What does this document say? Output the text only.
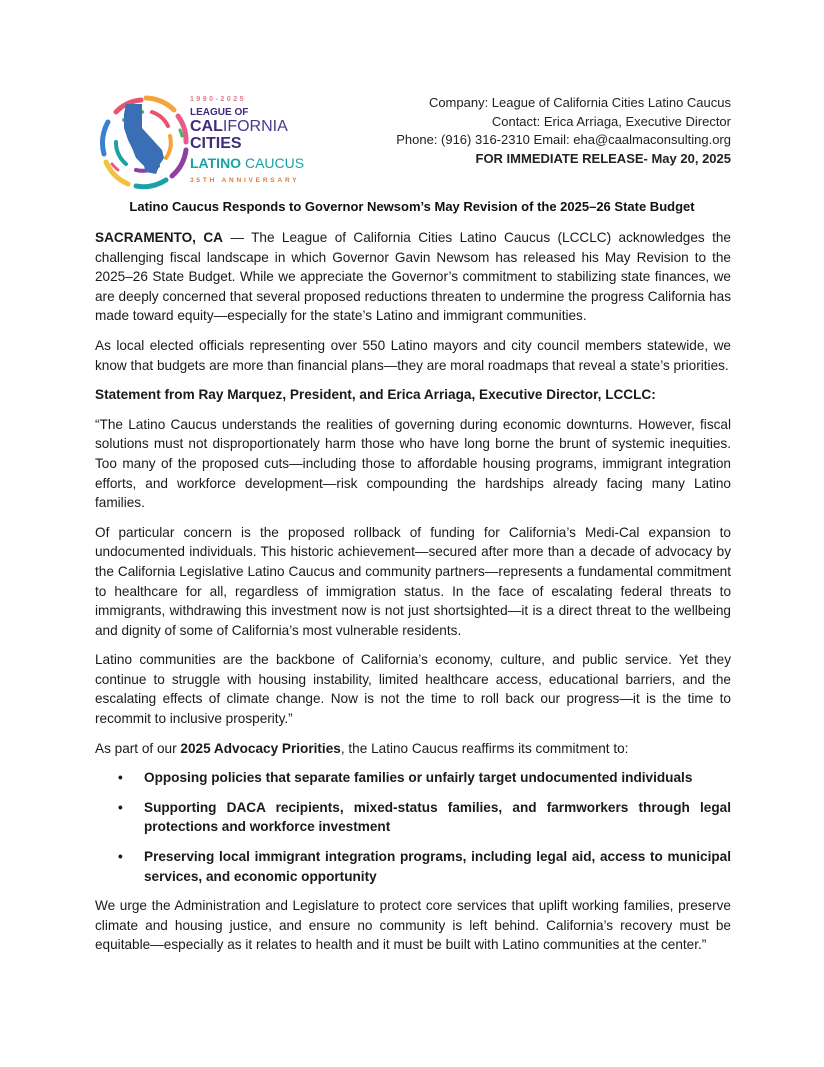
1990-2025
LEAGUE OF
CALIFORNIA
CITIES
LATINO CAUCUS
35TH ANNIVERSARY
Company: League of California Cities Latino Caucus
Contact: Erica Arriaga, Executive Director
Phone: (916) 316-2310 Email: eha@caalmaconsulting.org
FOR IMMEDIATE RELEASE- May 20, 2025
Latino Caucus Responds to Governor Newsom’s May Revision of the 2025–26 State Budget

SACRAMENTO, CA — The League of California Cities Latino Caucus (LCCLC) acknowledges the challenging fiscal landscape in which Governor Gavin Newsom has released his May Revision to the 2025–26 State Budget. While we appreciate the Governor’s commitment to stabilizing state finances, we are deeply concerned that several proposed reductions threaten to undermine the progress California has made toward equity—especially for the state’s Latino and immigrant communities.

As local elected officials representing over 550 Latino mayors and city council members statewide, we know that budgets are more than financial plans—they are moral roadmaps that reveal a state’s priorities.

Statement from Ray Marquez, President, and Erica Arriaga, Executive Director, LCCLC:

“The Latino Caucus understands the realities of governing during economic downturns. However, fiscal solutions must not disproportionately harm those who have long borne the brunt of systemic inequities. Too many of the proposed cuts—including those to affordable housing programs, immigrant integration efforts, and workforce development—risk compounding the hardships already facing many Latino families.

Of particular concern is the proposed rollback of funding for California’s Medi-Cal expansion to undocumented individuals. This historic achievement—secured after more than a decade of advocacy by the California Legislative Latino Caucus and community partners—represents a fundamental commitment to healthcare for all, regardless of immigration status. In the face of escalating federal threats to immigrants, withdrawing this investment now is not just shortsighted—it is a direct threat to the wellbeing and dignity of some of California’s most vulnerable residents.

Latino communities are the backbone of California’s economy, culture, and public service. Yet they continue to struggle with housing instability, limited healthcare access, educational barriers, and the escalating effects of climate change. Now is not the time to roll back our progress—it is the time to recommit to inclusive prosperity.”

As part of our 2025 Advocacy Priorities, the Latino Caucus reaffirms its commitment to:

• Opposing policies that separate families or unfairly target undocumented individuals
• Supporting DACA recipients, mixed-status families, and farmworkers through legal protections and workforce investment
• Preserving local immigrant integration programs, including legal aid, access to municipal services, and economic opportunity

We urge the Administration and Legislature to protect core services that uplift working families, preserve climate and housing justice, and ensure no community is left behind. California’s recovery must be equitable—especially as it relates to health and it must be built with Latino communities at the center.”
